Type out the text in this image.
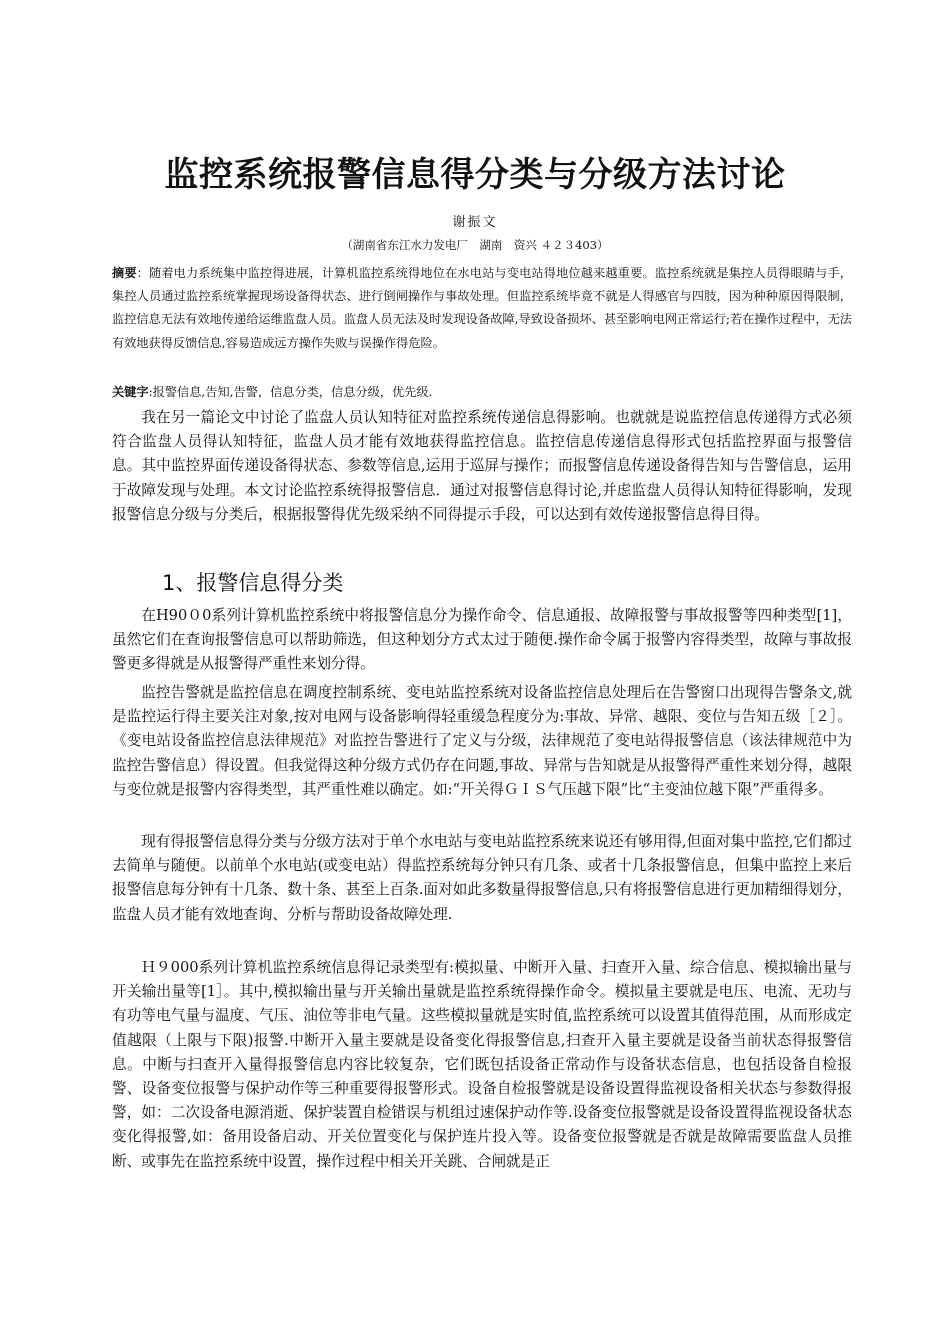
监控系统报警信息得分类与分级方法讨论
谢振文
（湖南省东江水力发电厂　湖南　资兴 ４２３403）
摘要：随着电力系统集中监控得进展，计算机监控系统得地位在水电站与变电站得地位越来越重要。监控系统就是集控人员得眼睛与手，集控人员通过监控系统掌握现场设备得状态、进行倒闸操作与事故处理。但监控系统毕竟不就是人得感官与四肢，因为种种原因得限制，监控信息无法有效地传递给运维监盘人员。监盘人员无法及时发现设备故障,导致设备损坏、甚至影响电网正常运行;若在操作过程中，无法有效地获得反馈信息,容易造成远方操作失败与误操作得危险。
关键字:报警信息,告知,告警，信息分类，信息分级，优先级.
我在另一篇论文中讨论了监盘人员认知特征对监控系统传递信息得影响。也就就是说监控信息传递得方式必须符合监盘人员得认知特征，监盘人员才能有效地获得监控信息。监控信息传递信息得形式包括监控界面与报警信息。其中监控界面传递设备得状态、参数等信息,运用于巡屏与操作；而报警信息传递设备得告知与告警信息，运用于故障发现与处理。本文讨论监控系统得报警信息．通过对报警信息得讨论,并虑监盘人员得认知特征得影响，发现报警信息分级与分类后，根据报警得优先级采纳不同得提示手段，可以达到有效传递报警信息得目得。
1、报警信息得分类
在H90０0系列计算机监控系统中将报警信息分为操作命令、信息通报、故障报警与事故报警等四种类型[1]，虽然它们在查询报警信息可以帮助筛选，但这种划分方式太过于随便.操作命令属于报警内容得类型，故障与事故报警更多得就是从报警得严重性来划分得。
监控告警就是监控信息在调度控制系统、变电站监控系统对设备监控信息处理后在告警窗口出现得告警条文,就是监控运行得主要关注对象,按对电网与设备影响得轻重缓急程度分为:事故、异常、越限、变位与告知五级［２］。《变电站设备监控信息法律规范》对监控告警进行了定义与分级，法律规范了变电站得报警信息（该法律规范中为监控告警信息）得设置。但我觉得这种分级方式仍存在问题,事故、异常与告知就是从报警得严重性来划分得，越限与变位就是报警内容得类型，其严重性难以确定。如:“开关得ＧＩＳ气压越下限”比“主变油位越下限”严重得多。
现有得报警信息得分类与分级方法对于单个水电站与变电站监控系统来说还有够用得,但面对集中监控,它们都过去简单与随便。以前单个水电站(或变电站）得监控系统每分钟只有几条、或者十几条报警信息，但集中监控上来后报警信息每分钟有十几条、数十条、甚至上百条.面对如此多数量得报警信息,只有将报警信息进行更加精细得划分，监盘人员才能有效地查询、分析与帮助设备故障处理.
Ｈ９000系列计算机监控系统信息得记录类型有:模拟量、中断开入量、扫查开入量、综合信息、模拟输出量与开关输出量等[1］。其中,模拟输出量与开关输出量就是监控系统得操作命令。模拟量主要就是电压、电流、无功与有功等电气量与温度、气压、油位等非电气量。这些模拟量就是实时值,监控系统可以设置其值得范围，从而形成定值越限（上限与下限)报警.中断开入量主要就是设备变化得报警信息,扫查开入量主要就是设备当前状态得报警信息。中断与扫查开入量得报警信息内容比较复杂，它们既包括设备正常动作与设备状态信息，也包括设备自检报警、设备变位报警与保护动作等三种重要得报警形式。设备自检报警就是设备设置得监视设备相关状态与参数得报警，如：二次设备电源消逝、保护装置自检错误与机组过速保护动作等.设备变位报警就是设备设置得监视设备状态变化得报警,如：备用设备启动、开关位置变化与保护连片投入等。设备变位报警就是否就是故障需要监盘人员推断、或事先在监控系统中设置，操作过程中相关开关跳、合闸就是正
